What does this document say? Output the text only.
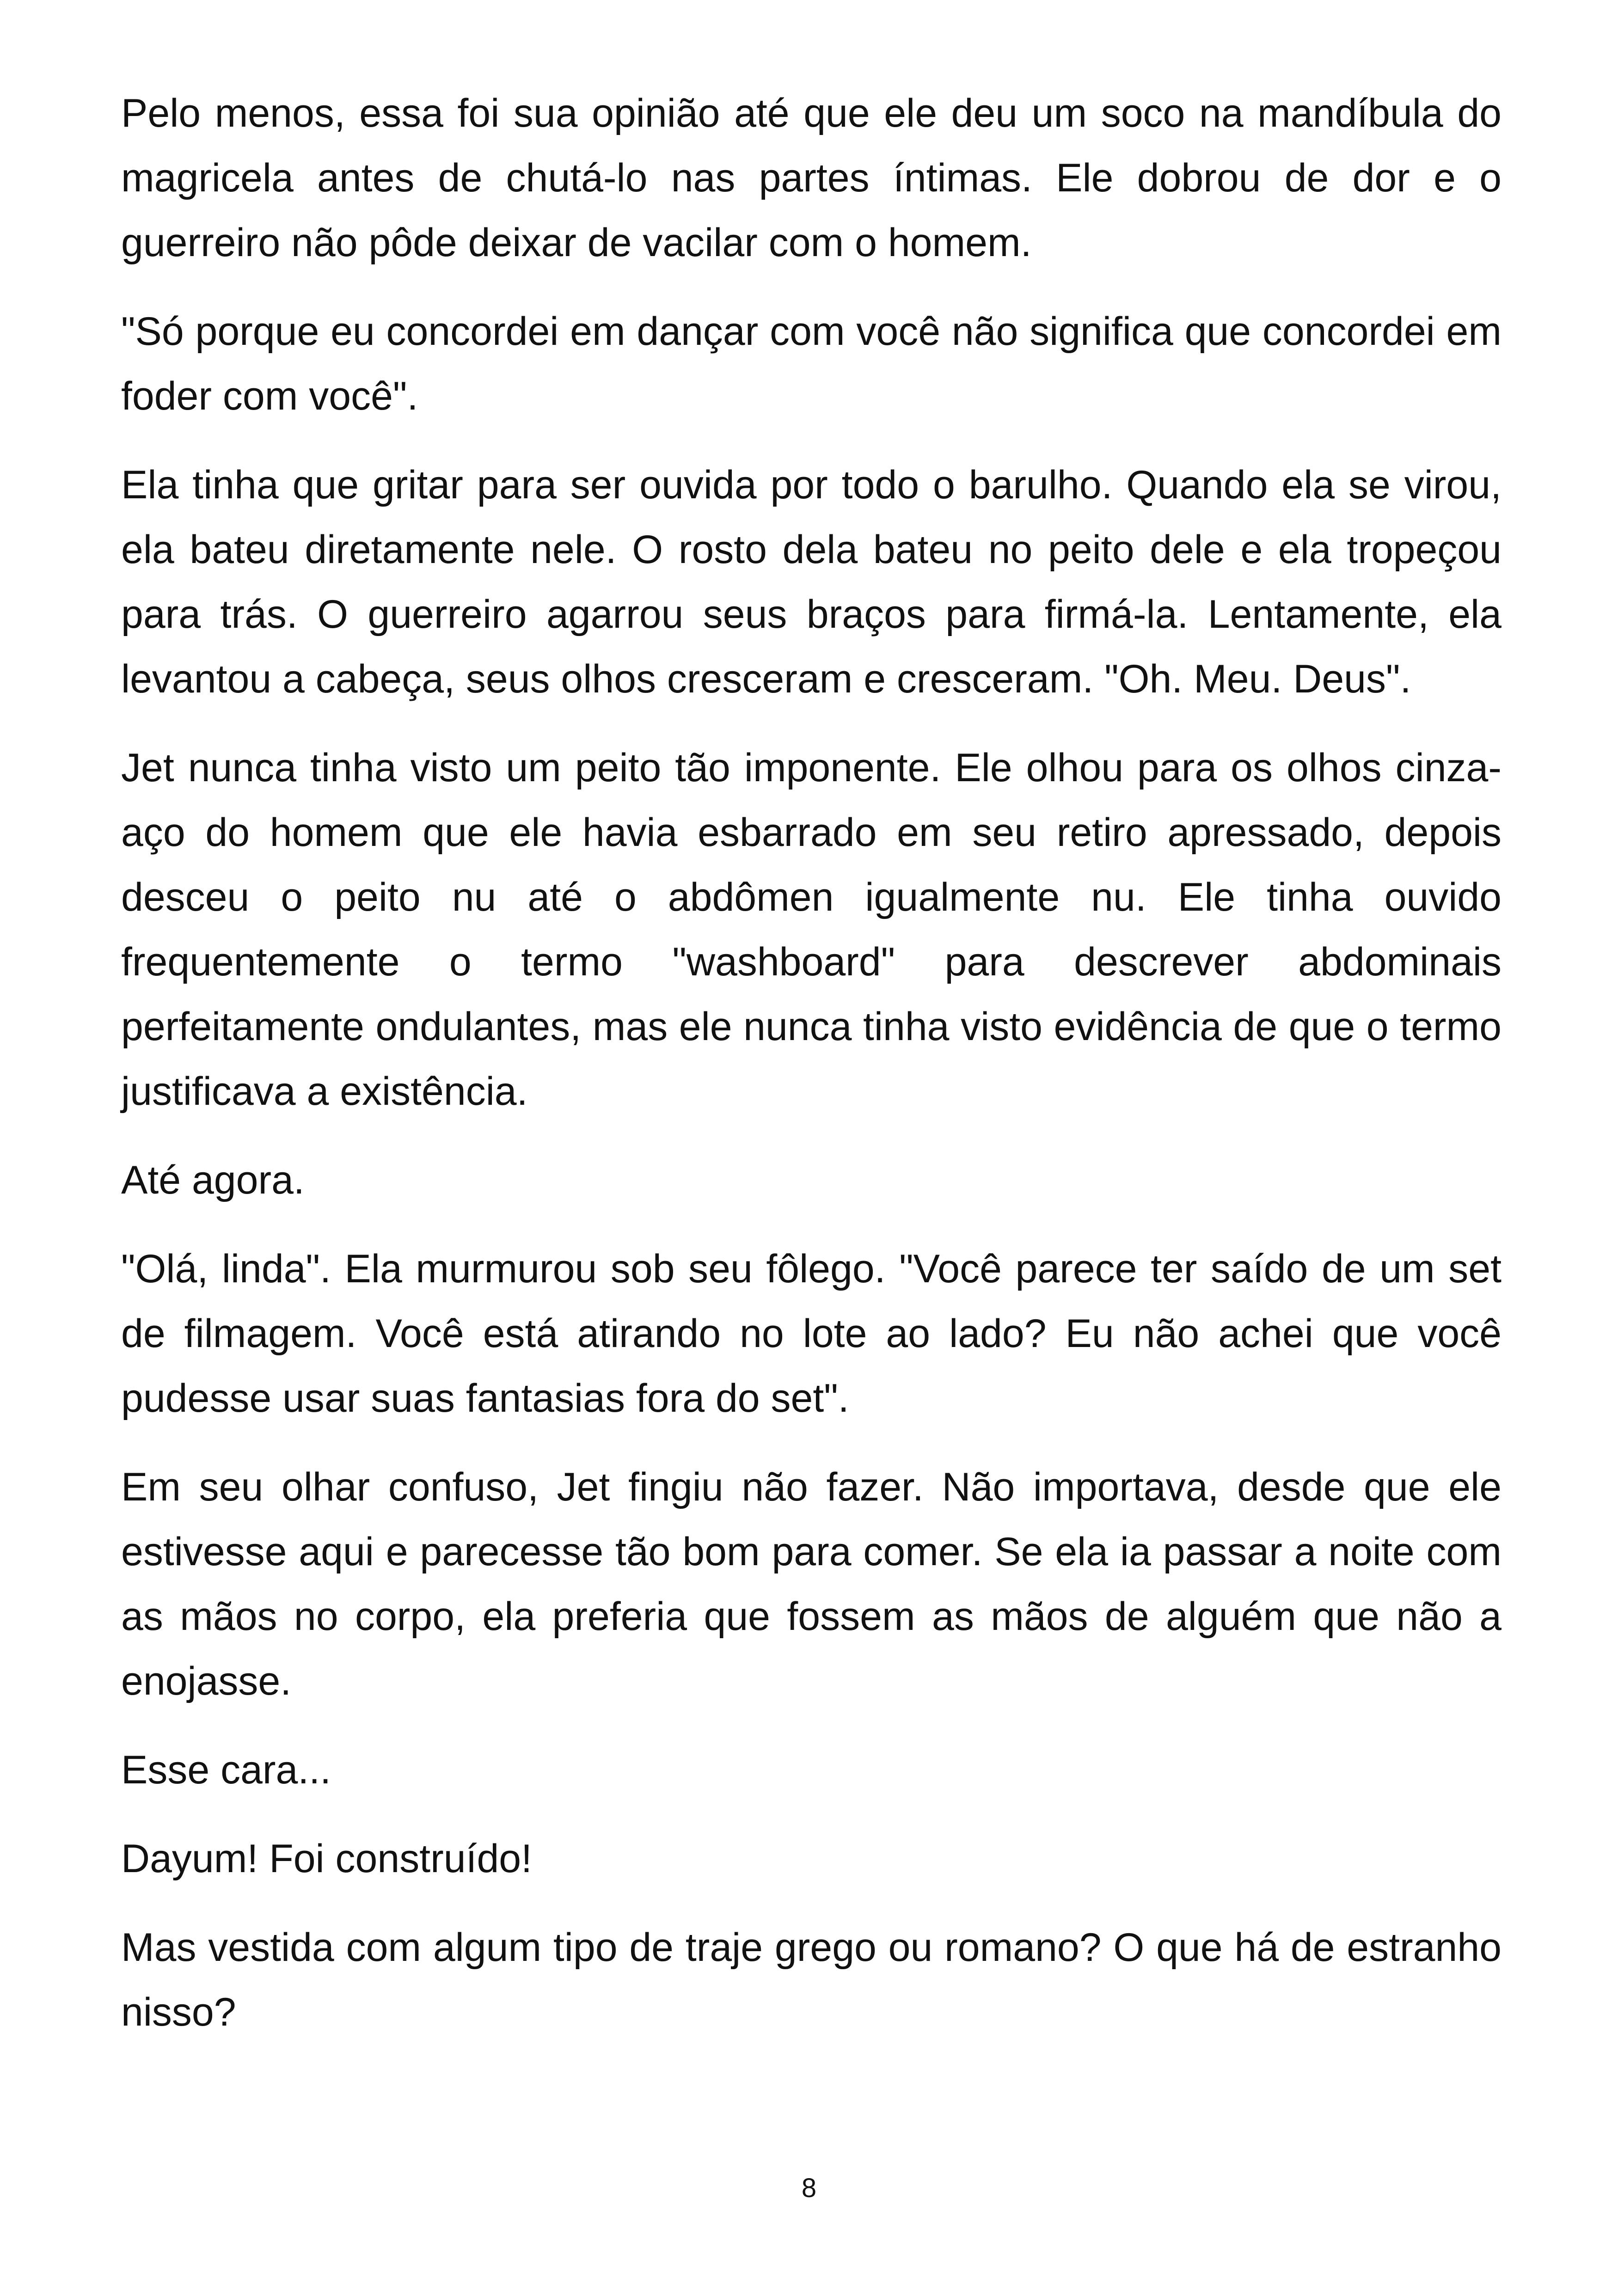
Pelo menos, essa foi sua opinião até que ele deu um soco na mandíbula do magricela antes de chutá-lo nas partes íntimas. Ele dobrou de dor e o guerreiro não pôde deixar de vacilar com o homem.

"Só porque eu concordei em dançar com você não significa que concordei em foder com você".

Ela tinha que gritar para ser ouvida por todo o barulho. Quando ela se virou, ela bateu diretamente nele. O rosto dela bateu no peito dele e ela tropeçou para trás. O guerreiro agarrou seus braços para firmá-la. Lentamente, ela levantou a cabeça, seus olhos cresceram e cresceram. "Oh. Meu. Deus".

Jet nunca tinha visto um peito tão imponente. Ele olhou para os olhos cinza-aço do homem que ele havia esbarrado em seu retiro apressado, depois desceu o peito nu até o abdômen igualmente nu. Ele tinha ouvido frequentemente o termo "washboard" para descrever abdominais perfeitamente ondulantes, mas ele nunca tinha visto evidência de que o termo justificava a existência.

Até agora.

"Olá, linda". Ela murmurou sob seu fôlego. "Você parece ter saído de um set de filmagem. Você está atirando no lote ao lado? Eu não achei que você pudesse usar suas fantasias fora do set".

Em seu olhar confuso, Jet fingiu não fazer. Não importava, desde que ele estivesse aqui e parecesse tão bom para comer. Se ela ia passar a noite com as mãos no corpo, ela preferia que fossem as mãos de alguém que não a enojasse.

Esse cara...

Dayum! Foi construído!

Mas vestida com algum tipo de traje grego ou romano? O que há de estranho nisso?

8
